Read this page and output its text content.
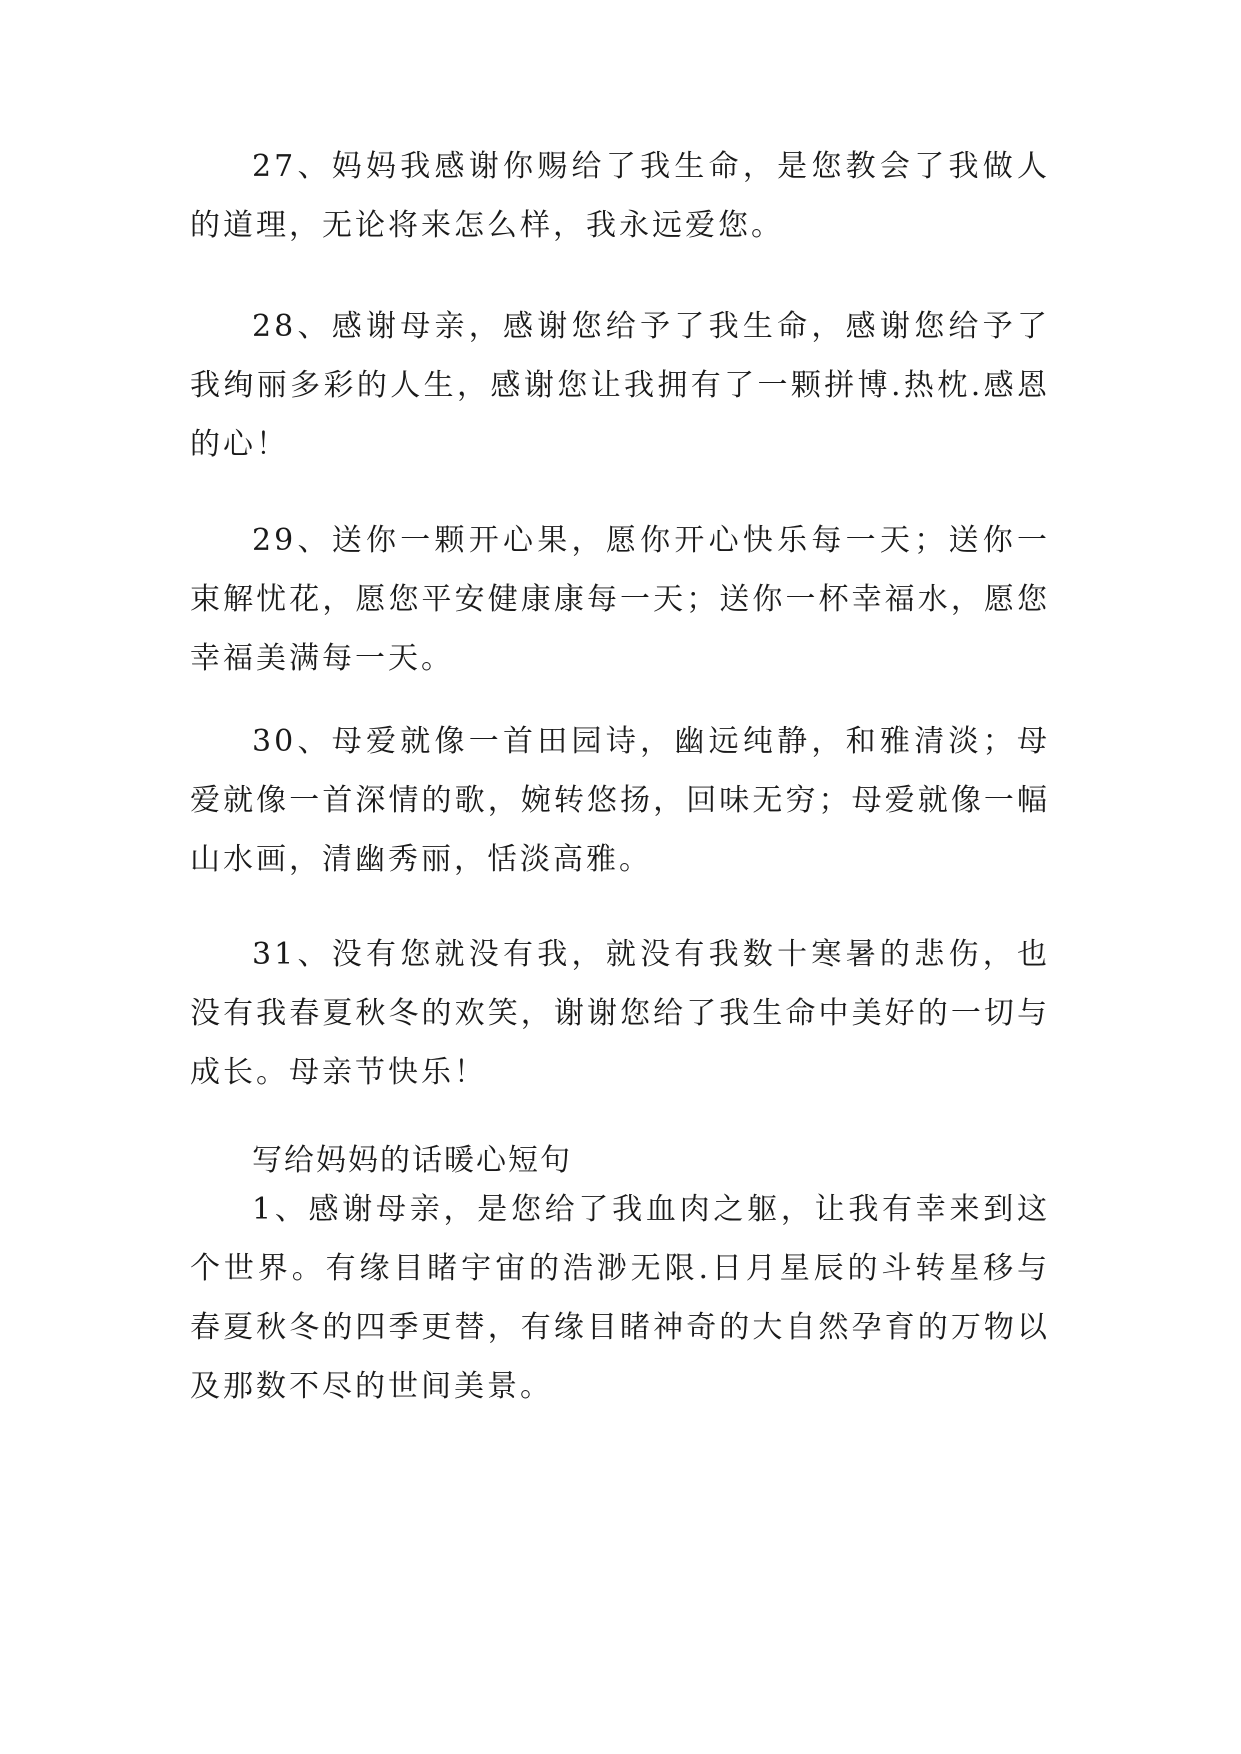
27、妈妈我感谢你赐给了我生命，是您教会了我做人的道理，无论将来怎么样，我永远爱您。
28、感谢母亲，感谢您给予了我生命，感谢您给予了我绚丽多彩的人生，感谢您让我拥有了一颗拼博.热枕.感恩的心！
29、送你一颗开心果，愿你开心快乐每一天；送你一束解忧花，愿您平安健康康每一天；送你一杯幸福水，愿您幸福美满每一天。
30、母爱就像一首田园诗，幽远纯静，和雅清淡；母爱就像一首深情的歌，婉转悠扬，回味无穷；母爱就像一幅山水画，清幽秀丽，恬淡高雅。
31、没有您就没有我，就没有我数十寒暑的悲伤，也没有我春夏秋冬的欢笑，谢谢您给了我生命中美好的一切与成长。母亲节快乐！
写给妈妈的话暖心短句
1、感谢母亲，是您给了我血肉之躯，让我有幸来到这个世界。有缘目睹宇宙的浩渺无限.日月星辰的斗转星移与春夏秋冬的四季更替，有缘目睹神奇的大自然孕育的万物以及那数不尽的世间美景。
